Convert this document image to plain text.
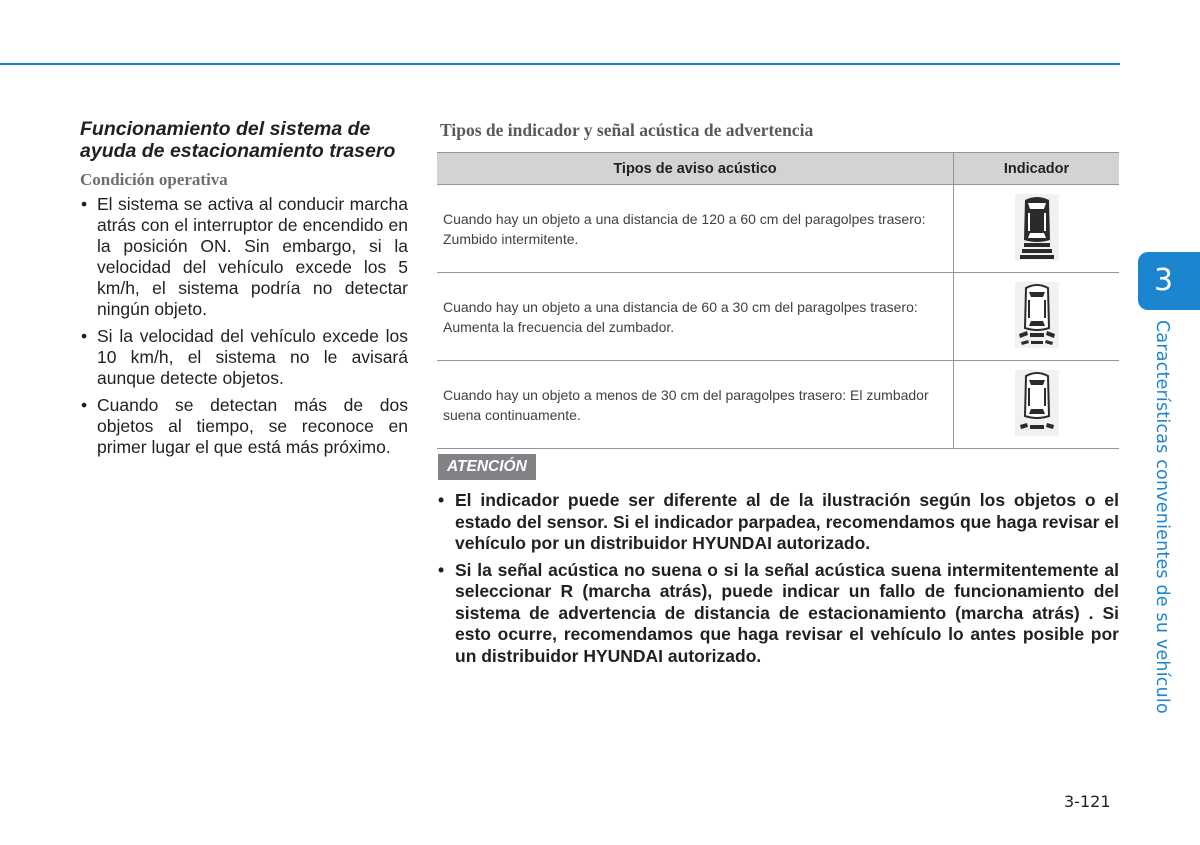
Funcionamiento del sistema de ayuda de estacionamiento trasero
Condición operativa
• El sistema se activa al conducir marcha atrás con el interruptor de encendido en la posición ON. Sin embargo, si la velocidad del vehículo excede los 5 km/h, el sistema podría no detectar ningún objeto.
• Si la velocidad del vehículo excede los 10 km/h, el sistema no le avisará aunque detecte objetos.
• Cuando se detectan más de dos objetos al tiempo, se reconoce en primer lugar el que está más próximo.
Tipos de indicador y señal acústica de advertencia
Tipos de aviso acústico	Indicador
Cuando hay un objeto a una distancia de 120 a 60 cm del paragolpes trasero: Zumbido intermitente.	
Cuando hay un objeto a una distancia de 60 a 30 cm del paragolpes trasero: Aumenta la frecuencia del zumbador.	
Cuando hay un objeto a menos de 30 cm del paragolpes trasero: El zumbador suena continuamente.	
ATENCIÓN
• El indicador puede ser diferente al de la ilustración según los objetos o el estado del sensor. Si el indicador parpadea, recomendamos que haga revisar el vehículo por un distribuidor HYUNDAI autorizado.
• Si la señal acústica no suena o si la señal acústica suena intermitentemente al seleccionar R (marcha atrás), puede indicar un fallo de funcionamiento del sistema de advertencia de distancia de estacionamiento (marcha atrás) . Si esto ocurre, recomendamos que haga revisar el vehículo lo antes posible por un distribuidor HYUNDAI autorizado.
3
Características convenientes de su vehículo
3-121
